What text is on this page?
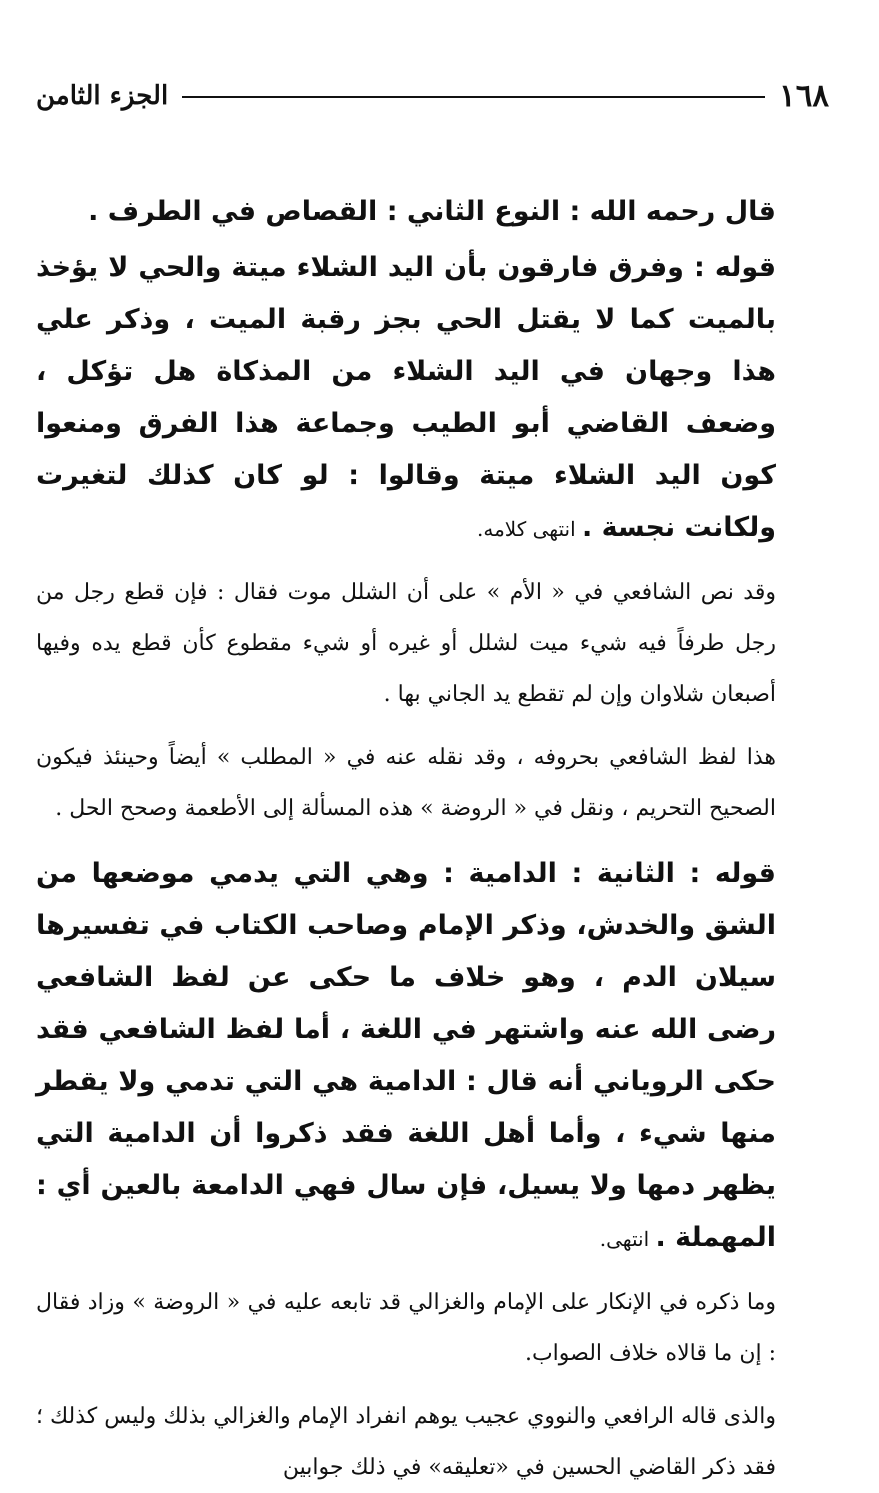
١٦٨
الجزء الثامن

قال رحمه الله : النوع الثاني : القصاص في الطرف .

قوله : وفرق فارقون بأن اليد الشلاء ميتة والحي لا يؤخذ بالميت كما لا يقتل الحي بجز رقبة الميت ، وذكر علي هذا وجهان في اليد الشلاء من المذكاة هل تؤكل ، وضعف القاضي أبو الطيب وجماعة هذا الفرق ومنعوا كون اليد الشلاء ميتة وقالوا : لو كان كذلك لتغيرت ولكانت نجسة . انتهى كلامه.

وقد نص الشافعي في « الأم » على أن الشلل موت فقال : فإن قطع رجل من رجل طرفاً فيه شيء ميت لشلل أو غيره أو شيء مقطوع كأن قطع يده وفيها أصبعان شلاوان وإن لم تقطع يد الجاني بها .

هذا لفظ الشافعي بحروفه ، وقد نقله عنه في « المطلب » أيضاً وحينئذ فيكون الصحيح التحريم ، ونقل في « الروضة » هذه المسألة إلى الأطعمة وصحح الحل .

قوله : الثانية : الدامية : وهي التي يدمي موضعها من الشق والخدش، وذكر الإمام وصاحب الكتاب في تفسيرها سيلان الدم ، وهو خلاف ما حكى عن لفظ الشافعي رضى الله عنه واشتهر في اللغة ، أما لفظ الشافعي فقد حكى الروياني أنه قال : الدامية هي التي تدمي ولا يقطر منها شيء ، وأما أهل اللغة فقد ذكروا أن الدامية التي يظهر دمها ولا يسيل، فإن سال فهي الدامعة بالعين أي : المهملة . انتهى.

وما ذكره في الإنكار على الإمام والغزالي قد تابعه عليه في « الروضة » وزاد فقال : إن ما قالاه خلاف الصواب.

والذى قاله الرافعي والنووي عجيب يوهم انفراد الإمام والغزالي بذلك وليس كذلك ؛ فقد ذكر القاضي الحسين في «تعليقه» في ذلك جوابين
